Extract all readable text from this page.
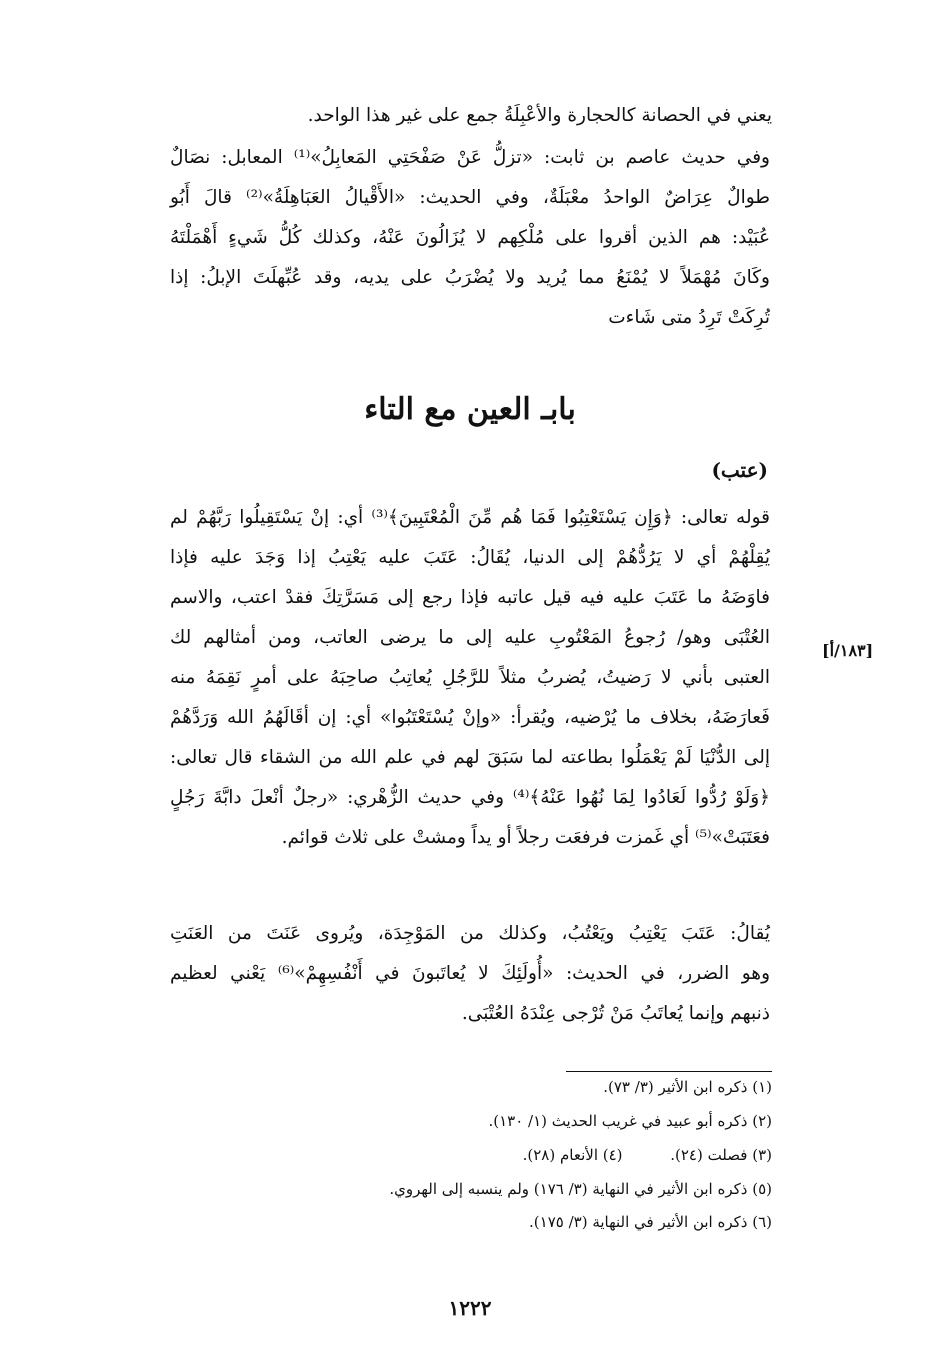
يعني في الحصانة كالحجارة والأعْبِلَةُ جمع على غير هذا الواحد.
وفي حديث عاصم بن ثابت: «تزلُّ عَنْ صَفْحَتِي المَعابِلُ»⁽¹⁾ المعابل: نصَالٌ
طوالٌ عِرَاضٌ الواحدُ معْبَلَةٌ، وفي الحديث: «الأَقْيالُ العَبَاهِلَةُ»⁽²⁾ قالَ أَبُو
عُبَيْد: هم الذين أقروا على مُلْكِهم لا يُزَالُونَ عَنْهُ، وكذلك كُلُّ شَيءٍ أَهْمَلْتَهُ
وكَانَ مُهْمَلاً لا يُمْنَعُ مما يُريد ولا يُضْرَبُ على يديه، وقد عُبِّهلَتَ الإبلُ: إذا
تُرِكَتْ تَرِدُ متى شَاءت
بابـ العين مع التاء
(عتب)
[١٨٣/أ]
قوله تعالى: ﴿وَإِن يَسْتَعْتِبُوا فَمَا هُم مِّنَ الْمُعْتَبِينَ﴾⁽³⁾ أي: إنْ يَسْتَقِيلُوا رَبَّهُمْ لم
يُقِلْهُمْ أي لا يَرُدُّهُمْ إلى الدنيا، يُقَالُ: عَتَبَ عليه يَعْتِبُ إذا وَجَدَ عليه فإذا
فاوَضَهُ ما عَتَبَ عليه فيه قيل عاتبه فإذا رجع إلى مَسَرَّتِكَ فقدْ اعتب، والاسم
العُتْبَى وهو/ رُجوعُ المَعْتُوبِ عليه إلى ما يرضى العاتب، ومن أمثالهم لك
العتبى بأني لا رَضيتُ، يُضربُ مثلاً للرَّجُلِ يُعاتِبُ صاحِبَهُ على أمرٍ نَقِمَهُ منه
فَعارَضَهُ، بخلاف ما يُرْضيه، ويُقرأ: «وإنْ يُسْتَعْتَبُوا» أي: إن أقَالَهُمُ الله وَرَدَّهُمْ
إلى الدُّنْيَا لَمْ يَعْمَلُوا بطاعته لما سَبَقَ لهم في علم الله من الشقاء قال تعالى:
﴿وَلَوْ رُدُّوا لَعَادُوا لِمَا نُهُوا عَنْهُ﴾⁽⁴⁾ وفي حديث الزُّهْري: «رجلٌ أنْعلَ دابَّةَ رَجُلٍ
فعَتَبَتْ»⁽⁵⁾ أي غَمزت فرفعَت رجلاً أو يداً ومشتْ على ثلاث قوائم.
يُقالُ: عَتَبَ يَعْتِبُ ويَعْتُبُ، وكذلك من المَوْجِدَة، ويُروى عَنَتَ من العَنَتِ
وهو الضرر، في الحديث: «أُولَئِكَ لا يُعاتَبونَ في أَنْفُسِهِمْ»⁽⁶⁾ يَعْني لعظيم
ذنبهم وإنما يُعاتَبُ مَنْ تُرْجى عِنْدَهُ العُتْبَى.
(١) ذكره ابن الأثير (٣/ ٧٣).
(٢) ذكره أبو عبيد في غريب الحديث (١/ ١٣٠).
(٣) فصلت (٢٤).          (٤) الأنعام (٢٨).
(٥) ذكره ابن الأثير في النهاية (٣/ ١٧٦) ولم ينسبه إلى الهروي.
(٦) ذكره ابن الأثير في النهاية (٣/ ١٧٥).
١٢٢٢
